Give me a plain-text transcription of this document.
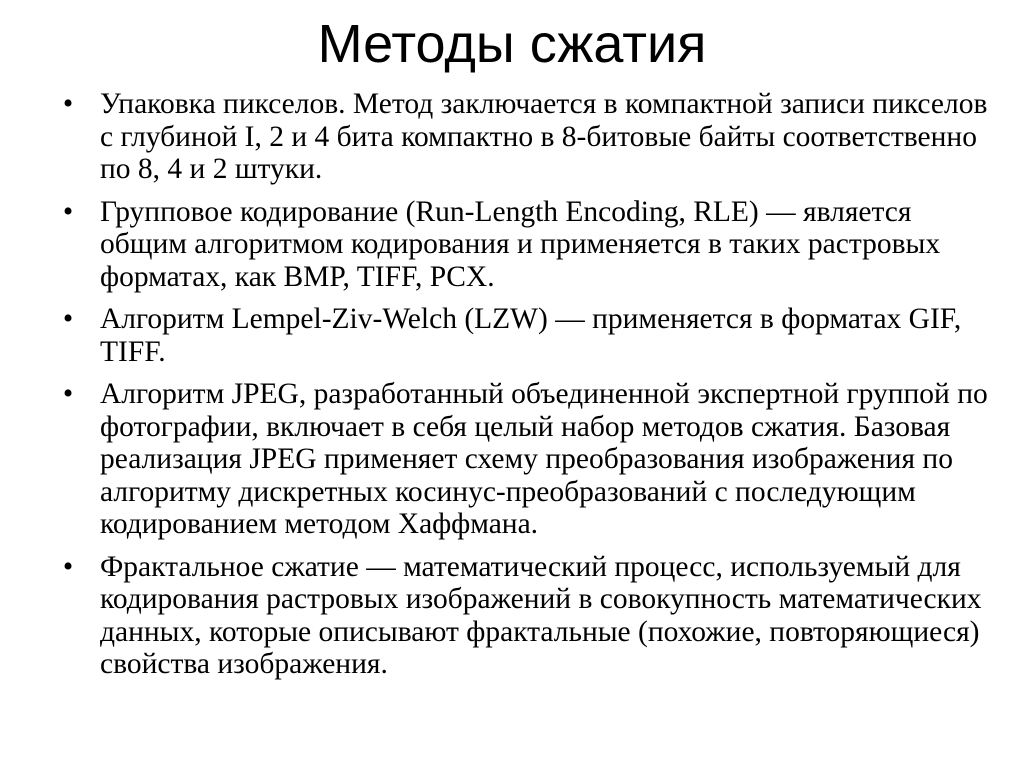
Методы сжатия
• Упаковка пикселов. Метод заключается в компактной записи пикселов с глубиной I, 2 и 4 бита компактно в 8-битовые байты соответственно по 8, 4 и 2 штуки.
• Групповое кодирование (Run-Length Encoding, RLE) — является общим алгоритмом кодирования и применяется в таких растровых форматах, как BMP, TIFF, PCX.
• Алгоритм Lempel-Ziv-Welch (LZW) — применяется в форматах GIF, TIFF.
• Алгоритм JPEG, разработанный объединенной экспертной группой по фотографии, включает в себя целый набор методов сжатия. Базовая реализация JPEG применяет схему преобразования изображения по алгоритму дискретных косинус-преобразований с последующим кодированием методом Хаффмана.
• Фрактальное сжатие — математический процесс, используемый для кодирования растровых изображений в совокупность математических данных, которые описывают фрактальные (похожие, повторяющиеся) свойства изображения.
